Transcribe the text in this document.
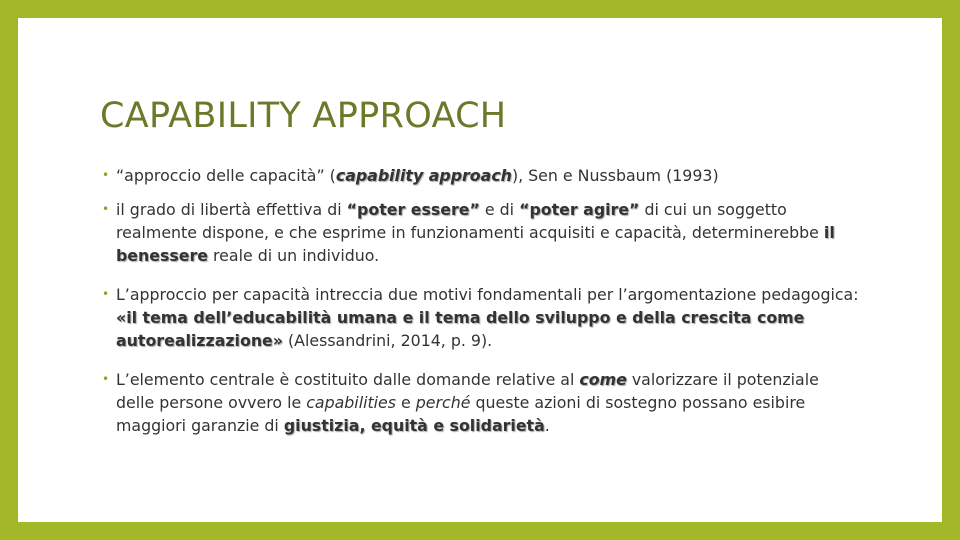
CAPABILITY APPROACH
• “approccio delle capacità” (capability approach), Sen e Nussbaum (1993)
• il grado di libertà effettiva di “poter essere” e di “poter agire” di cui un soggetto realmente dispone, e che esprime in funzionamenti acquisiti e capacità, determinerebbe il benessere reale di un individuo.
• L’approccio per capacità intreccia due motivi fondamentali per l’argomentazione pedagogica: «il tema dell’educabilità umana e il tema dello sviluppo e della crescita come autorealizzazione» (Alessandrini, 2014, p. 9).
• L’elemento centrale è costituito dalle domande relative al come valorizzare il potenziale delle persone ovvero le capabilities e perché queste azioni di sostegno possano esibire maggiori garanzie di giustizia, equità e solidarietà.
